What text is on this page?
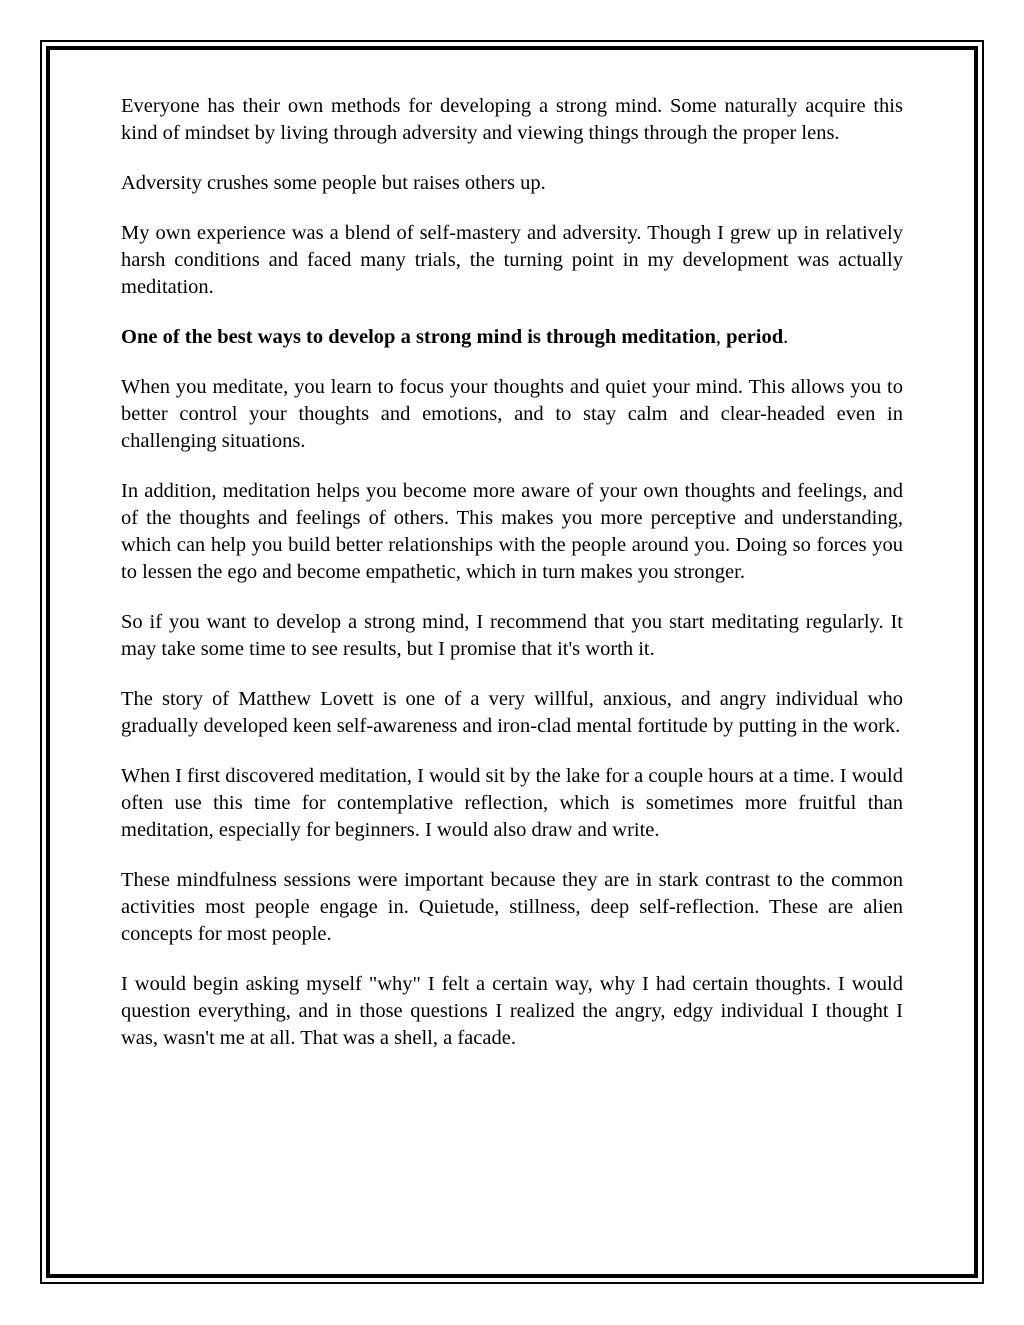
Everyone has their own methods for developing a strong mind. Some naturally acquire this kind of mindset by living through adversity and viewing things through the proper lens.

Adversity crushes some people but raises others up.

My own experience was a blend of self-mastery and adversity. Though I grew up in relatively harsh conditions and faced many trials, the turning point in my development was actually meditation.

One of the best ways to develop a strong mind is through meditation, period.

When you meditate, you learn to focus your thoughts and quiet your mind. This allows you to better control your thoughts and emotions, and to stay calm and clear-headed even in challenging situations.

In addition, meditation helps you become more aware of your own thoughts and feelings, and of the thoughts and feelings of others. This makes you more perceptive and understanding, which can help you build better relationships with the people around you. Doing so forces you to lessen the ego and become empathetic, which in turn makes you stronger.

So if you want to develop a strong mind, I recommend that you start meditating regularly. It may take some time to see results, but I promise that it's worth it.

The story of Matthew Lovett is one of a very willful, anxious, and angry individual who gradually developed keen self-awareness and iron-clad mental fortitude by putting in the work.

When I first discovered meditation, I would sit by the lake for a couple hours at a time. I would often use this time for contemplative reflection, which is sometimes more fruitful than meditation, especially for beginners. I would also draw and write.

These mindfulness sessions were important because they are in stark contrast to the common activities most people engage in. Quietude, stillness, deep self-reflection. These are alien concepts for most people.

I would begin asking myself "why" I felt a certain way, why I had certain thoughts. I would question everything, and in those questions I realized the angry, edgy individual I thought I was, wasn't me at all. That was a shell, a facade.
